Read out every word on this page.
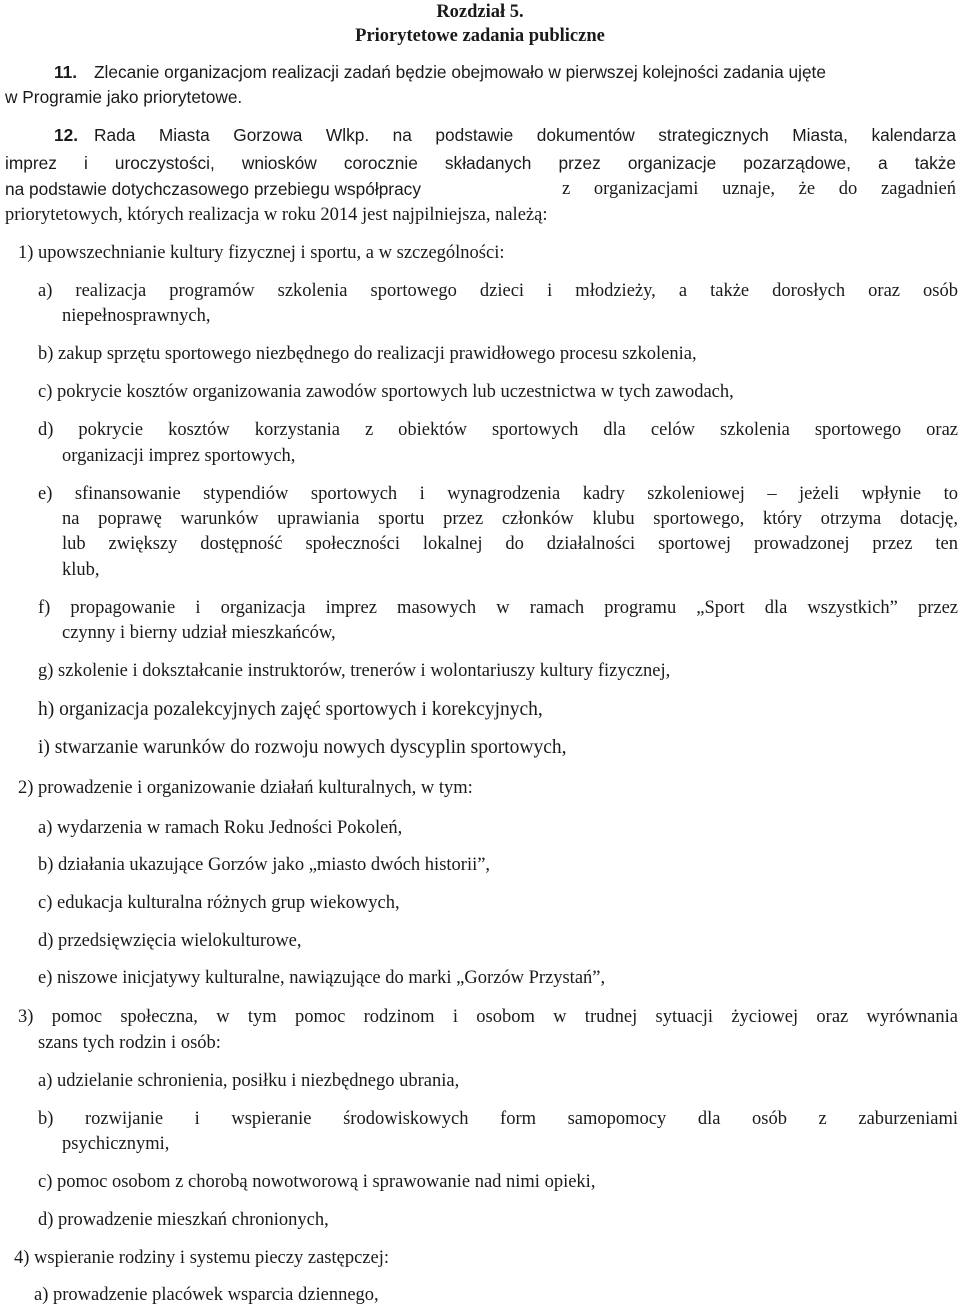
Rozdział 5.
Priorytetowe zadania publiczne
11. Zlecanie organizacjom realizacji zadań będzie obejmowało w pierwszej kolejności zadania ujęte
w Programie jako priorytetowe.
12. Rada Miasta Gorzowa Wlkp. na podstawie dokumentów strategicznych Miasta, kalendarza
imprez i uroczystości, wniosków corocznie składanych przez organizacje pozarządowe, a także
na podstawie dotychczasowego przebiegu współpracy	z organizacjami uznaje, że do zagadnień
priorytetowych, których realizacja w roku 2014 jest najpilniejsza, należą:
1) upowszechnianie kultury fizycznej i sportu, a w szczególności:
a) realizacja programów szkolenia sportowego dzieci i młodzieży, a także dorosłych oraz osób
niepełnosprawnych,
b) zakup sprzętu sportowego niezbędnego do realizacji prawidłowego procesu szkolenia,
c) pokrycie kosztów organizowania zawodów sportowych lub uczestnictwa w tych zawodach,
d) pokrycie kosztów korzystania z obiektów sportowych dla celów szkolenia sportowego oraz
organizacji imprez sportowych,
e) sfinansowanie stypendiów sportowych i wynagrodzenia kadry szkoleniowej – jeżeli wpłynie to
na poprawę warunków uprawiania sportu przez członków klubu sportowego, który otrzyma dotację,
lub zwiększy dostępność społeczności lokalnej do działalności sportowej prowadzonej przez ten
klub,
f) propagowanie i organizacja imprez masowych w ramach programu „Sport dla wszystkich” przez
czynny i bierny udział mieszkańców,
g) szkolenie i dokształcanie instruktorów, trenerów i wolontariuszy kultury fizycznej,
h) organizacja pozalekcyjnych zajęć sportowych i korekcyjnych,
i) stwarzanie warunków do rozwoju nowych dyscyplin sportowych,
2) prowadzenie i organizowanie działań kulturalnych, w tym:
a) wydarzenia w ramach Roku Jedności Pokoleń,
b) działania ukazujące Gorzów jako „miasto dwóch historii”,
c) edukacja kulturalna różnych grup wiekowych,
d) przedsięwzięcia wielokulturowe,
e) niszowe inicjatywy kulturalne, nawiązujące do marki „Gorzów Przystań”,
3) pomoc społeczna, w tym pomoc rodzinom i osobom w trudnej sytuacji życiowej oraz wyrównania
szans tych rodzin i osób:
a) udzielanie schronienia, posiłku i niezbędnego ubrania,
b) rozwijanie i wspieranie środowiskowych form samopomocy dla osób z zaburzeniami
psychicznymi,
c) pomoc osobom z chorobą nowotworową i sprawowanie nad nimi opieki,
d) prowadzenie mieszkań chronionych,
4) wspieranie rodziny i systemu pieczy zastępczej:
a) prowadzenie placówek wsparcia dziennego,
